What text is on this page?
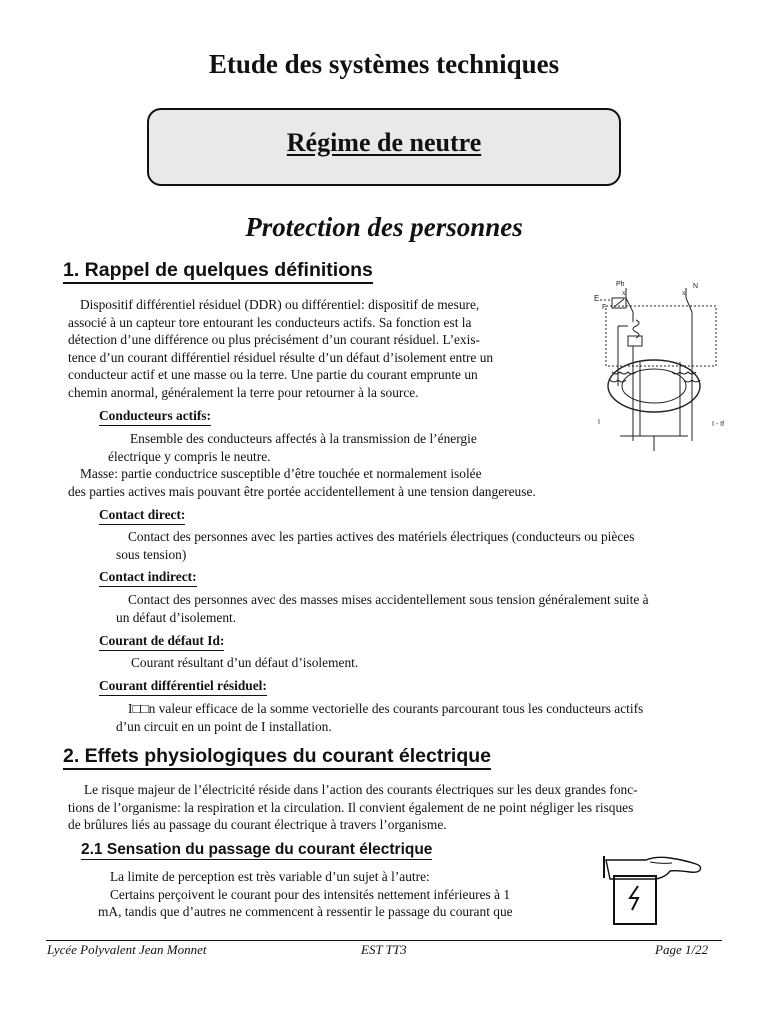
Etude des systèmes techniques
Régime de neutre
Protection des personnes
1. Rappel de quelques définitions

Dispositif différentiel résiduel (DDR) ou différentiel: dispositif de mesure,

associé à un capteur tore entourant les conducteurs actifs. Sa fonction est la

détection d’une différence ou plus précisément d’un courant résiduel. L’exis-

tence d’un courant différentiel résiduel résulte d’un défaut d’isolement entre un

conducteur actif et une masse ou la terre. Une partie du courant emprunte un

chemin anormal, généralement la terre pour retourner à la source.

Ph	N
E
F
x	x
I	I - If
Conducteurs actifs:

Ensemble des conducteurs affectés à la transmission de l’énergie

électrique y compris le neutre.

Masse: partie conductrice susceptible d’être touchée et normalement isolée

des parties actives mais pouvant être portée accidentellement à une tension dangereuse.

Contact direct:

Contact des personnes avec les parties actives des matériels électriques (conducteurs ou pièces

sous tension)

Contact indirect:

Contact des personnes avec des masses mises accidentellement sous tension généralement suite à

un défaut d’isolement.

Courant de défaut Id:

Courant résultant d’un défaut d’isolement.

Courant différentiel résiduel:

I□□n valeur efficace de la somme vectorielle des courants parcourant tous les conducteurs actifs

d’un circuit en un point de I installation.

2. Effets physiologiques du courant électrique

Le risque majeur de l’électricité réside dans l’action des courants électriques sur les deux grandes fonc-

tions de l’organisme: la respiration et la circulation. Il convient également de ne point négliger les risques

de brûlures liés au passage du courant électrique à travers l’organisme.

2.1 Sensation du passage du courant électrique

La limite de perception est très variable d’un sujet à l’autre:

Certains perçoivent le courant pour des intensités nettement inférieures à 1

mA, tandis que d’autres ne commencent à ressentir le passage du courant que

Lycée Polyvalent Jean Monnet	EST TT3	Page 1/22
